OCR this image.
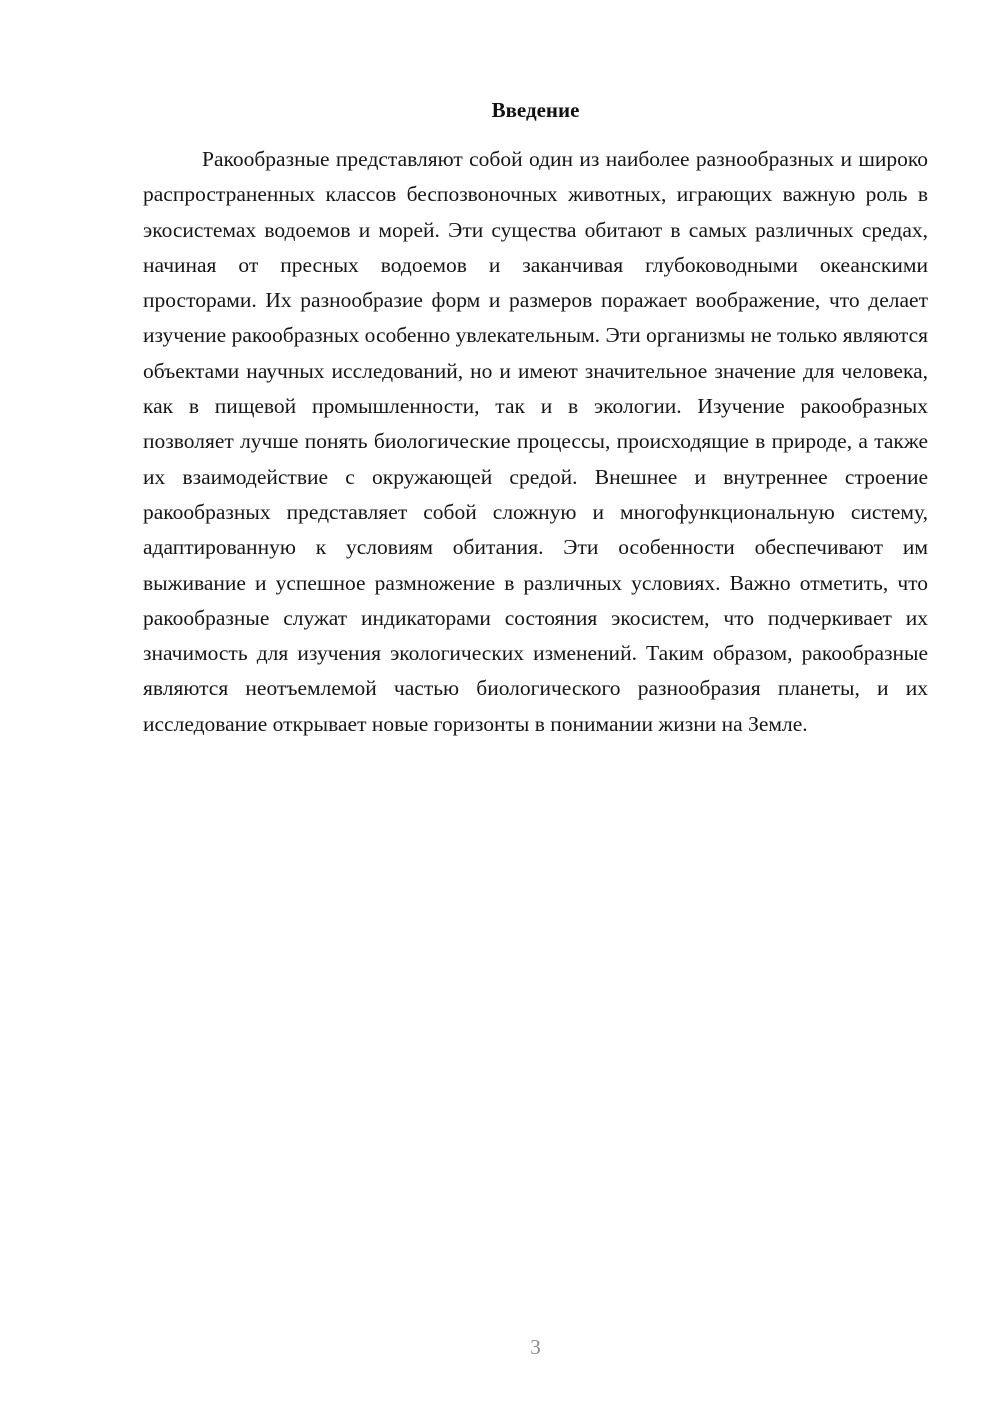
Введение

Ракообразные представляют собой один из наиболее разнообразных и широко распространенных классов беспозвоночных животных, играющих важную роль в экосистемах водоемов и морей. Эти существа обитают в самых различных средах, начиная от пресных водоемов и заканчивая глубоководными океанскими просторами. Их разнообразие форм и размеров поражает воображение, что делает изучение ракообразных особенно увлекательным. Эти организмы не только являются объектами научных исследований, но и имеют значительное значение для человека, как в пищевой промышленности, так и в экологии. Изучение ракообразных позволяет лучше понять биологические процессы, происходящие в природе, а также их взаимодействие с окружающей средой. Внешнее и внутреннее строение ракообразных представляет собой сложную и многофункциональную систему, адаптированную к условиям обитания. Эти особенности обеспечивают им выживание и успешное размножение в различных условиях. Важно отметить, что ракообразные служат индикаторами состояния экосистем, что подчеркивает их значимость для изучения экологических изменений. Таким образом, ракообразные являются неотъемлемой частью биологического разнообразия планеты, и их исследование открывает новые горизонты в понимании жизни на Земле.

3
